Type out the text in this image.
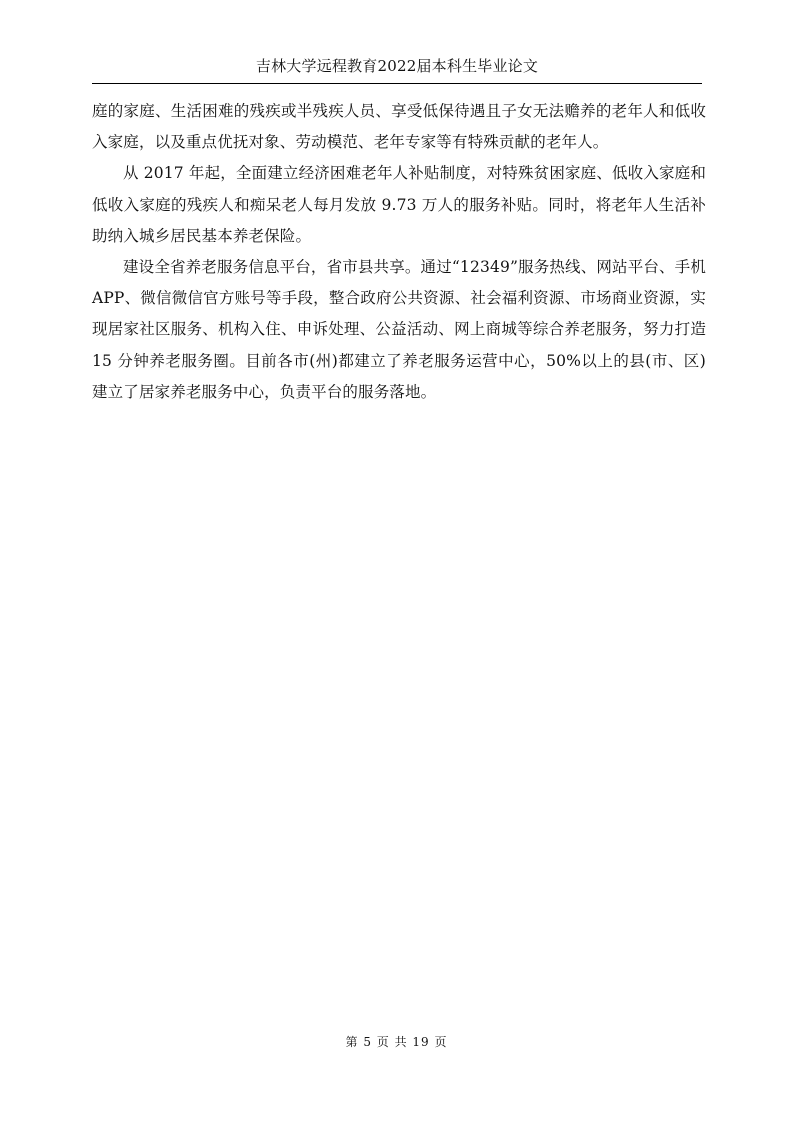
吉林大学远程教育2022届本科生毕业论文

庭的家庭、生活困难的残疾或半残疾人员、享受低保待遇且子女无法赡养的老年人和低收入家庭，以及重点优抚对象、劳动模范、老年专家等有特殊贡献的老年人。

从 2017 年起，全面建立经济困难老年人补贴制度，对特殊贫困家庭、低收入家庭和低收入家庭的残疾人和痴呆老人每月发放 9.73 万人的服务补贴。同时，将老年人生活补助纳入城乡居民基本养老保险。

建设全省养老服务信息平台，省市县共享。通过“12349”服务热线、网站平台、手机 APP、微信微信官方账号等手段，整合政府公共资源、社会福利资源、市场商业资源，实现居家社区服务、机构入住、申诉处理、公益活动、网上商城等综合养老服务，努力打造 15 分钟养老服务圈。目前各市(州)都建立了养老服务运营中心，50%以上的县(市、区)建立了居家养老服务中心，负责平台的服务落地。

第 5 页 共 19 页
